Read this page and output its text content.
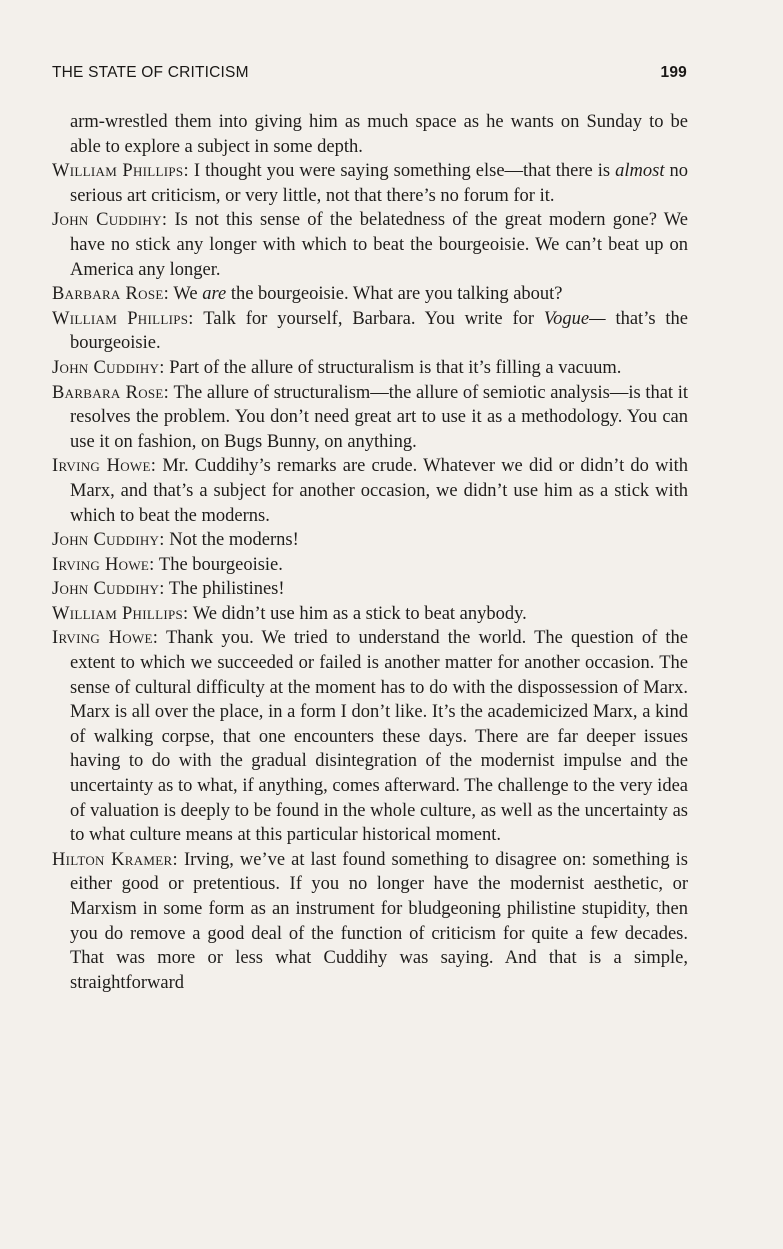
THE STATE OF CRITICISM	199

arm-wrestled them into giving him as much space as he wants on Sunday to be able to explore a subject in some depth.

William Phillips: I thought you were saying something else—that there is almost no serious art criticism, or very little, not that there’s no forum for it.

John Cuddihy: Is not this sense of the belatedness of the great modern gone? We have no stick any longer with which to beat the bourgeoisie. We can’t beat up on America any longer.

Barbara Rose: We are the bourgeoisie. What are you talking about?

William Phillips: Talk for yourself, Barbara. You write for Vogue— that’s the bourgeoisie.

John Cuddihy: Part of the allure of structuralism is that it’s filling a vacuum.

Barbara Rose: The allure of structuralism—the allure of semiotic analysis—is that it resolves the problem. You don’t need great art to use it as a methodology. You can use it on fashion, on Bugs Bunny, on anything.

Irving Howe: Mr. Cuddihy’s remarks are crude. Whatever we did or didn’t do with Marx, and that’s a subject for another occasion, we didn’t use him as a stick with which to beat the moderns.

John Cuddihy: Not the moderns!

Irving Howe: The bourgeoisie.

John Cuddihy: The philistines!

William Phillips: We didn’t use him as a stick to beat anybody.

Irving Howe: Thank you. We tried to understand the world. The question of the extent to which we succeeded or failed is another matter for another occasion. The sense of cultural difficulty at the moment has to do with the dispossession of Marx. Marx is all over the place, in a form I don’t like. It’s the academicized Marx, a kind of walking corpse, that one encounters these days. There are far deeper issues having to do with the gradual disintegration of the modernist impulse and the uncertainty as to what, if anything, comes afterward. The challenge to the very idea of valuation is deeply to be found in the whole culture, as well as the uncertainty as to what culture means at this particular historical moment.

Hilton Kramer: Irving, we’ve at last found something to disagree on: something is either good or pretentious. If you no longer have the modernist aesthetic, or Marxism in some form as an instrument for bludgeoning philistine stupidity, then you do remove a good deal of the function of criticism for quite a few decades. That was more or less what Cuddihy was saying. And that is a simple, straightforward
